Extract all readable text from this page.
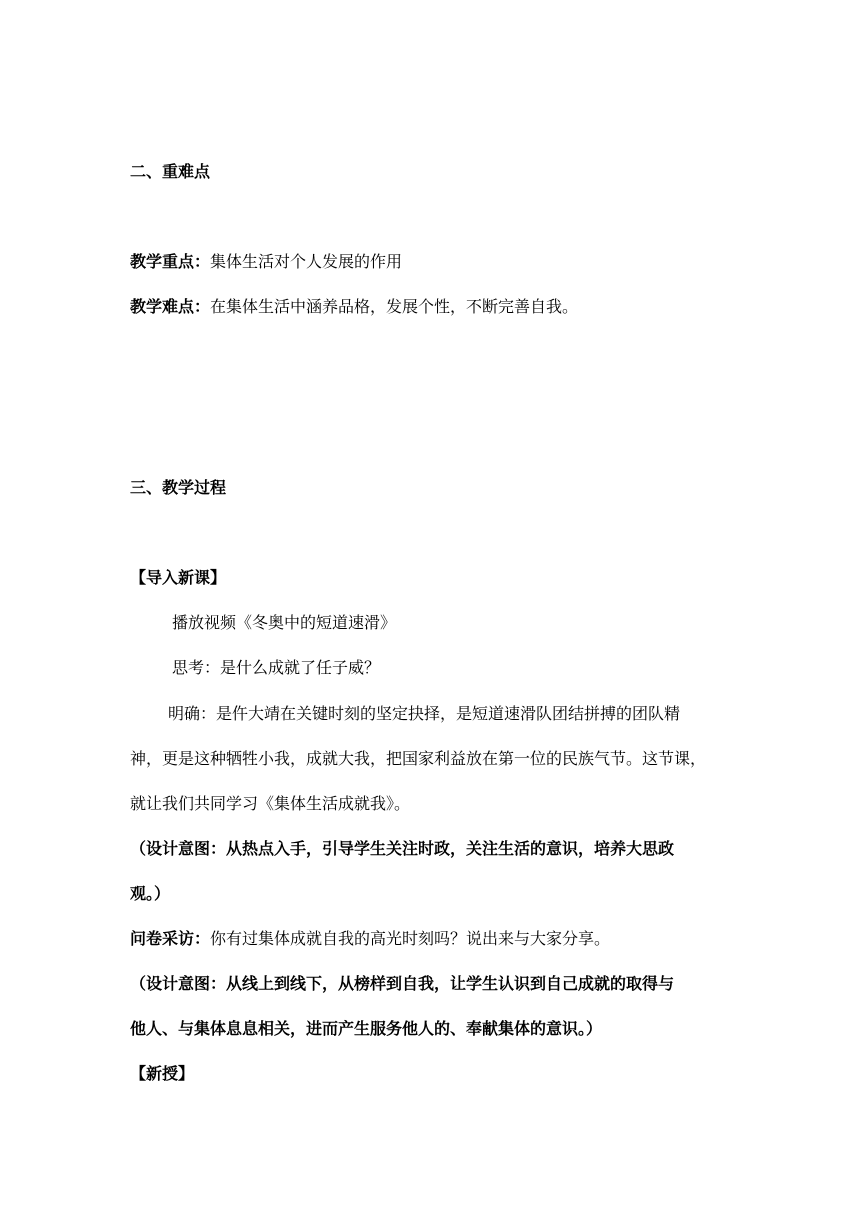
二、重难点
教学重点：集体生活对个人发展的作用
教学难点：在集体生活中涵养品格，发展个性，不断完善自我。
三、教学过程
【导入新课】
播放视频《冬奥中的短道速滑》
思考：是什么成就了任子威？
明确：是仵大靖在关键时刻的坚定抉择，是短道速滑队团结拼搏的团队精
神，更是这种牺牲小我，成就大我，把国家利益放在第一位的民族气节。这节课，
就让我们共同学习《集体生活成就我》。
（设计意图：从热点入手，引导学生关注时政，关注生活的意识，培养大思政
观。）
问卷采访：你有过集体成就自我的高光时刻吗？说出来与大家分享。
（设计意图：从线上到线下，从榜样到自我，让学生认识到自己成就的取得与
他人、与集体息息相关，进而产生服务他人的、奉献集体的意识。）
【新授】
